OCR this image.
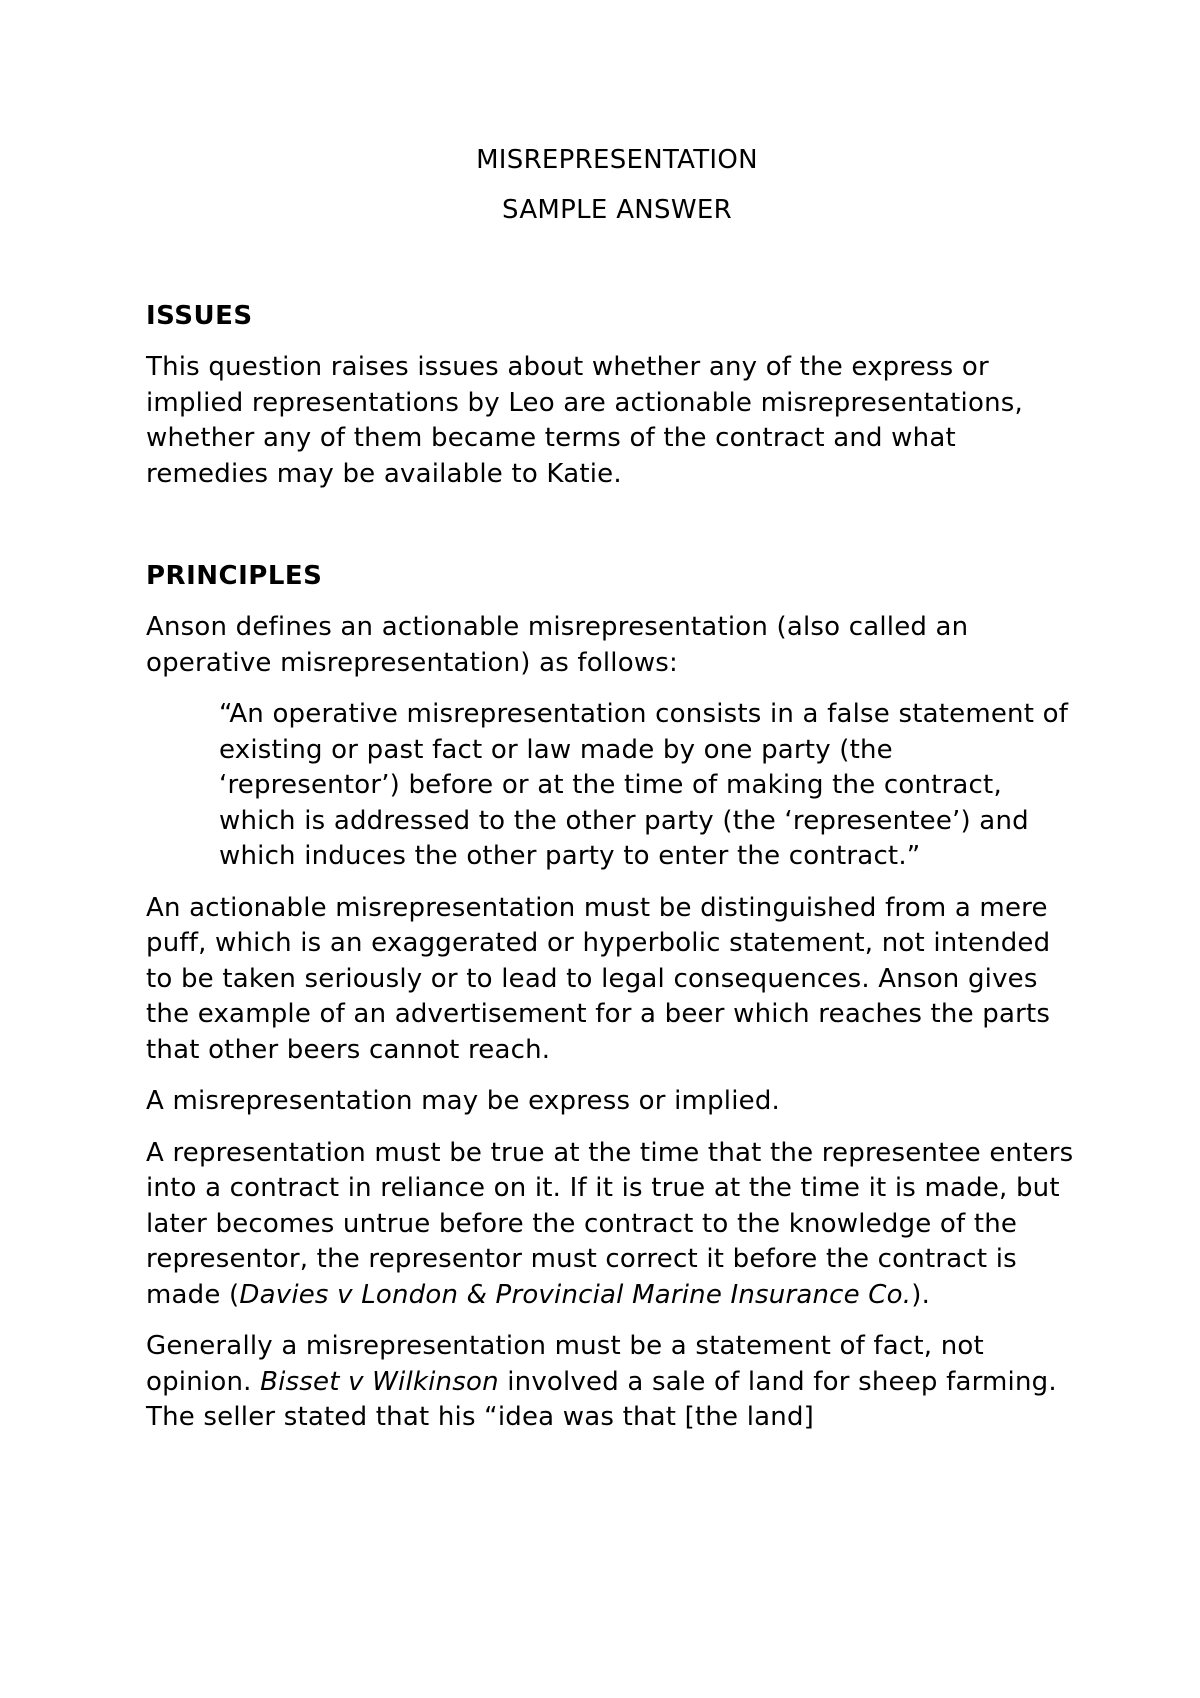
MISREPRESENTATION
SAMPLE ANSWER
ISSUES

This question raises issues about whether any of the express or implied representations by Leo are actionable misrepresentations, whether any of them became terms of the contract and what remedies may be available to Katie.

PRINCIPLES

Anson defines an actionable misrepresentation (also called an operative misrepresentation) as follows:

“An operative misrepresentation consists in a false statement of existing or past fact or law made by one party (the ‘representor’) before or at the time of making the contract, which is addressed to the other party (the ‘representee’) and which induces the other party to enter the contract.”

An actionable misrepresentation must be distinguished from a mere puff, which is an exaggerated or hyperbolic statement, not intended to be taken seriously or to lead to legal consequences. Anson gives the example of an advertisement for a beer which reaches the parts that other beers cannot reach.

A misrepresentation may be express or implied.

A representation must be true at the time that the representee enters into a contract in reliance on it. If it is true at the time it is made, but later becomes untrue before the contract to the knowledge of the representor, the representor must correct it before the contract is made (Davies v London & Provincial Marine Insurance Co.).

Generally a misrepresentation must be a statement of fact, not opinion. Bisset v Wilkinson involved a sale of land for sheep farming. The seller stated that his “idea was that [the land]
